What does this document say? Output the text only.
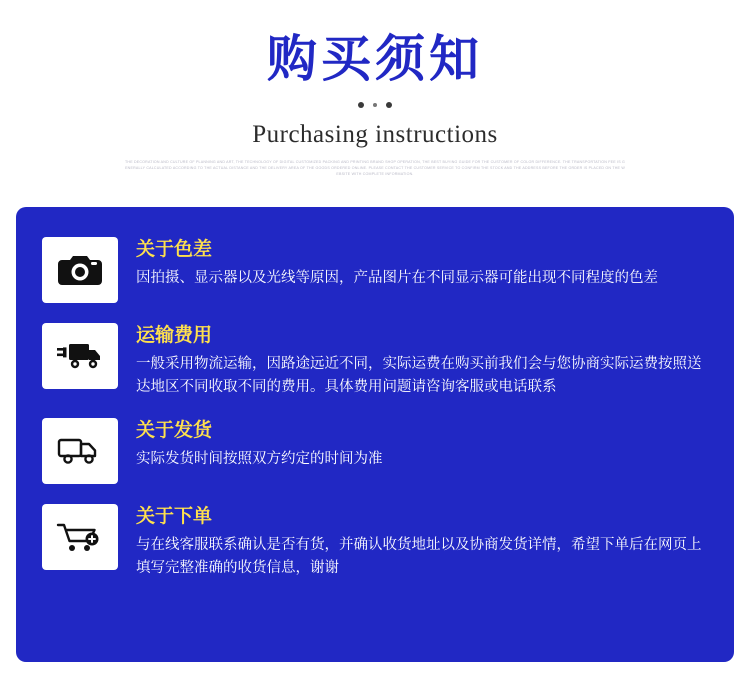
购买须知
Purchasing instructions
THE DECORATION AND CULTURE OF PLANNING AND ART, THE TECHNOLOGY OF DIGITAL CUSTOMIZED PACKING AND PRINTING BRAND SHOP OPERATION, THE BEST BUYING GUIDE FOR THE CUSTOMER OF COLOR DIFFERENCE. THE TRANSPORTATION FEE IS GENERALLY CALCULATED ACCORDING TO THE ACTUAL DISTANCE AND THE DELIVERY AREA OF THE GOODS ORDERED ONLINE. PLEASE CONTACT THE CUSTOMER SERVICE TO CONFIRM THE STOCK AND THE ADDRESS BEFORE THE ORDER IS PLACED ON THE WEBSITE WITH COMPLETE INFORMATION.
关于色差
因拍摄、显示器以及光线等原因，产品图片在不同显示器可能出现不同程度的色差
运输费用
一般采用物流运输，因路途远近不同，实际运费在购买前我们会与您协商实际运费按照送达地区不同收取不同的费用。具体费用问题请咨询客服或电话联系
关于发货
实际发货时间按照双方约定的时间为准
关于下单
与在线客服联系确认是否有货，并确认收货地址以及协商发货详情，希望下单后在网页上填写完整准确的收货信息，谢谢
